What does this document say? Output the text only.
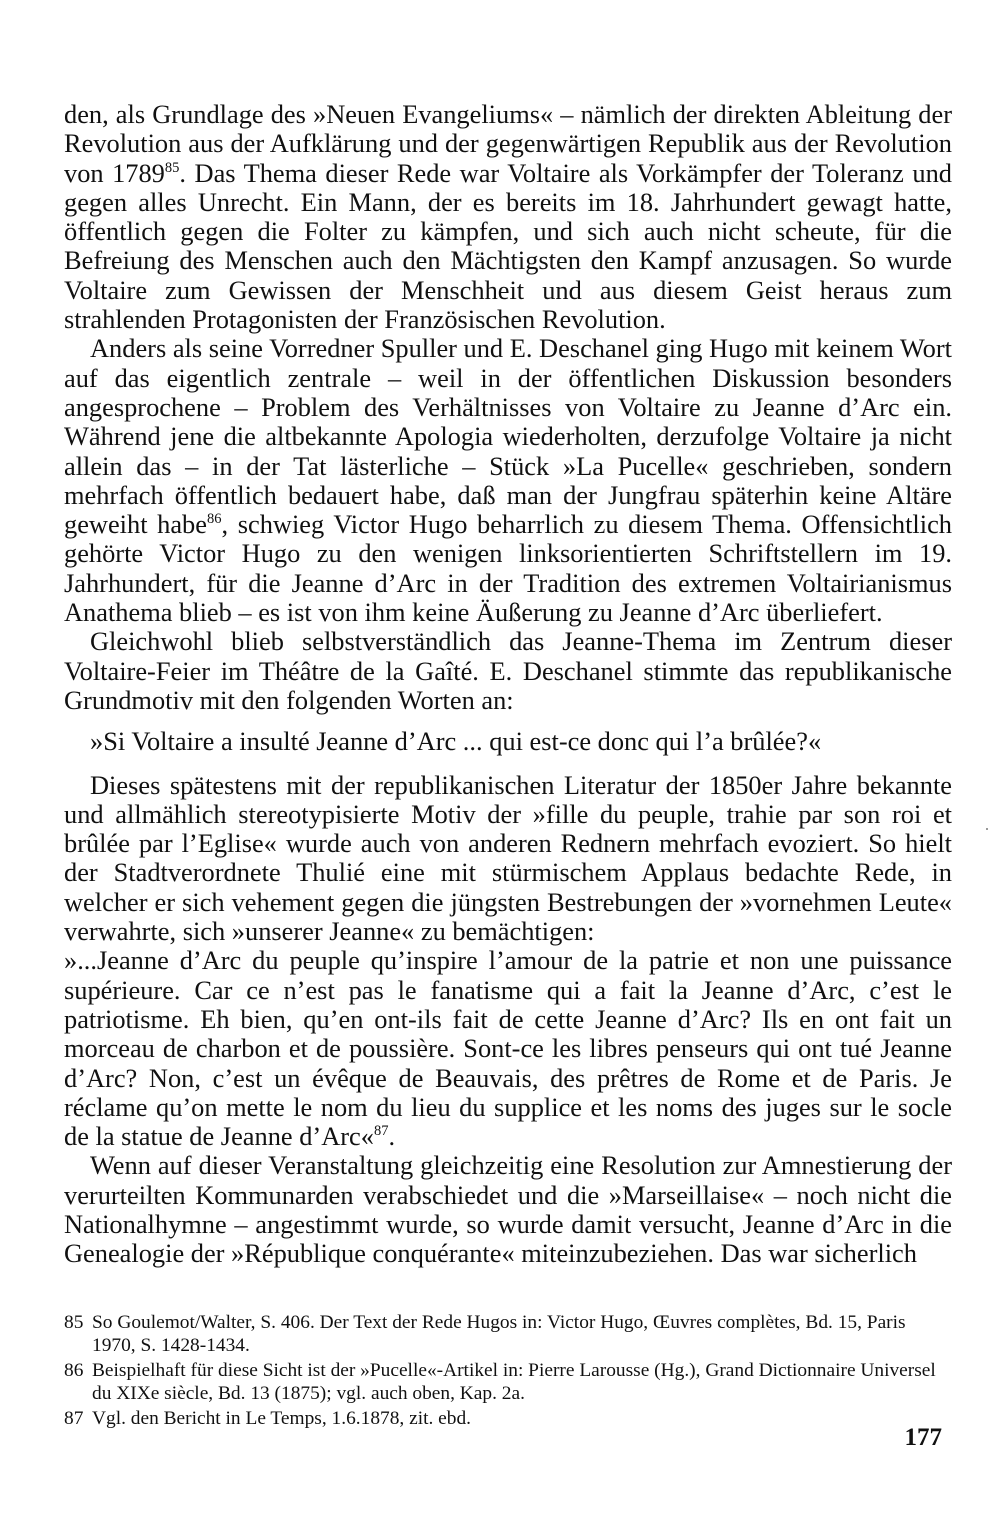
den, als Grundlage des »Neuen Evangeliums« – nämlich der direkten Ableitung der Revolution aus der Aufklärung und der gegenwärtigen Republik aus der Revolution von 1789$^{85}$. Das Thema dieser Rede war Voltaire als Vorkämpfer der Toleranz und gegen alles Unrecht. Ein Mann, der es bereits im 18. Jahrhundert gewagt hatte, öffentlich gegen die Folter zu kämpfen, und sich auch nicht scheute, für die Befreiung des Menschen auch den Mächtigsten den Kampf anzusagen. So wurde Voltaire zum Gewissen der Menschheit und aus diesem Geist heraus zum strahlenden Protagonisten der Französischen Revolution.

Anders als seine Vorredner Spuller und E. Deschanel ging Hugo mit keinem Wort auf das eigentlich zentrale – weil in der öffentlichen Diskussion besonders angesprochene – Problem des Verhältnisses von Voltaire zu Jeanne d’Arc ein. Während jene die altbekannte Apologia wiederholten, derzufolge Voltaire ja nicht allein das – in der Tat lästerliche – Stück »La Pucelle« geschrieben, sondern mehrfach öffentlich bedauert habe, daß man der Jungfrau späterhin keine Altäre geweiht habe$^{86}$, schwieg Victor Hugo beharrlich zu diesem Thema. Offensichtlich gehörte Victor Hugo zu den wenigen linksorientierten Schriftstellern im 19. Jahrhundert, für die Jeanne d’Arc in der Tradition des extremen Voltairianismus Anathema blieb – es ist von ihm keine Äußerung zu Jeanne d’Arc überliefert.

Gleichwohl blieb selbstverständlich das Jeanne-Thema im Zentrum dieser Voltaire-Feier im Théâtre de la Gaîté. E. Deschanel stimmte das republikanische Grundmotiv mit den folgenden Worten an:

»Si Voltaire a insulté Jeanne d’Arc ... qui est-ce donc qui l’a brûlée?«

Dieses spätestens mit der republikanischen Literatur der 1850er Jahre bekannte und allmählich stereotypisierte Motiv der »fille du peuple, trahie par son roi et brûlée par l’Eglise« wurde auch von anderen Rednern mehrfach evoziert. So hielt der Stadtverordnete Thulié eine mit stürmischem Applaus bedachte Rede, in welcher er sich vehement gegen die jüngsten Bestrebungen der »vornehmen Leute« verwahrte, sich »unserer Jeanne« zu bemächtigen:

»...Jeanne d’Arc du peuple qu’inspire l’amour de la patrie et non une puissance supérieure. Car ce n’est pas le fanatisme qui a fait la Jeanne d’Arc, c’est le patriotisme. Eh bien, qu’en ont-ils fait de cette Jeanne d’Arc? Ils en ont fait un morceau de charbon et de poussière. Sont-ce les libres penseurs qui ont tué Jeanne d’Arc? Non, c’est un évêque de Beauvais, des prêtres de Rome et de Paris. Je réclame qu’on mette le nom du lieu du supplice et les noms des juges sur le socle de la statue de Jeanne d’Arc«$^{87}$.

Wenn auf dieser Veranstaltung gleichzeitig eine Resolution zur Amnestierung der verurteilten Kommunarden verabschiedet und die »Marseillaise« – noch nicht die Nationalhymne – angestimmt wurde, so wurde damit versucht, Jeanne d’Arc in die Genealogie der »République conquérante« miteinzubeziehen. Das war sicherlich

85 So Goulemot/Walter, S. 406. Der Text der Rede Hugos in: Victor Hugo, Œuvres complètes, Bd. 15, Paris 1970, S. 1428-1434.
86 Beispielhaft für diese Sicht ist der »Pucelle«-Artikel in: Pierre Larousse (Hg.), Grand Dictionnaire Universel du XIXe siècle, Bd. 13 (1875); vgl. auch oben, Kap. 2a.
87 Vgl. den Bericht in Le Temps, 1.6.1878, zit. ebd.
177
